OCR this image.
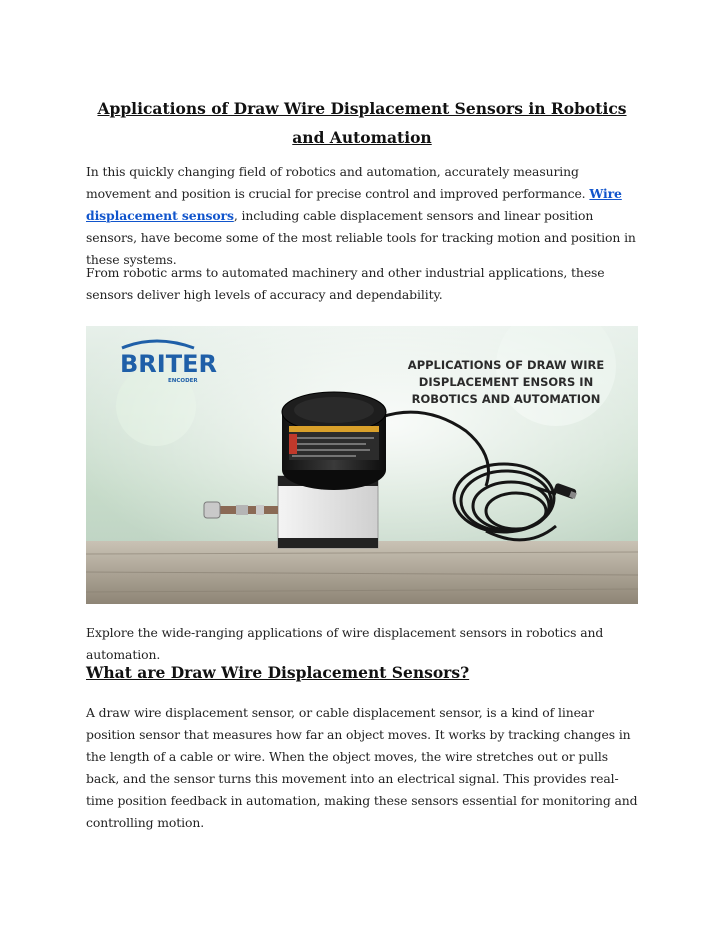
Applications of Draw Wire Displacement Sensors in Robotics and Automation
In this quickly changing field of robotics and automation, accurately measuring movement and position is crucial for precise control and improved performance. Wire displacement sensors, including cable displacement sensors and linear position sensors, have become some of the most reliable tools for tracking motion and position in these systems.
From robotic arms to automated machinery and other industrial applications, these sensors deliver high levels of accuracy and dependability.
BRITER
ENCODER
APPLICATIONS OF DRAW WIRE
DISPLACEMENT ENSORS IN
ROBOTICS AND AUTOMATION
Explore the wide-ranging applications of wire displacement sensors in robotics and automation.
What are Draw Wire Displacement Sensors?
A draw wire displacement sensor, or cable displacement sensor, is a kind of linear position sensor that measures how far an object moves. It works by tracking changes in the length of a cable or wire. When the object moves, the wire stretches out or pulls back, and the sensor turns this movement into an electrical signal. This provides real-time position feedback in automation, making these sensors essential for monitoring and controlling motion.
